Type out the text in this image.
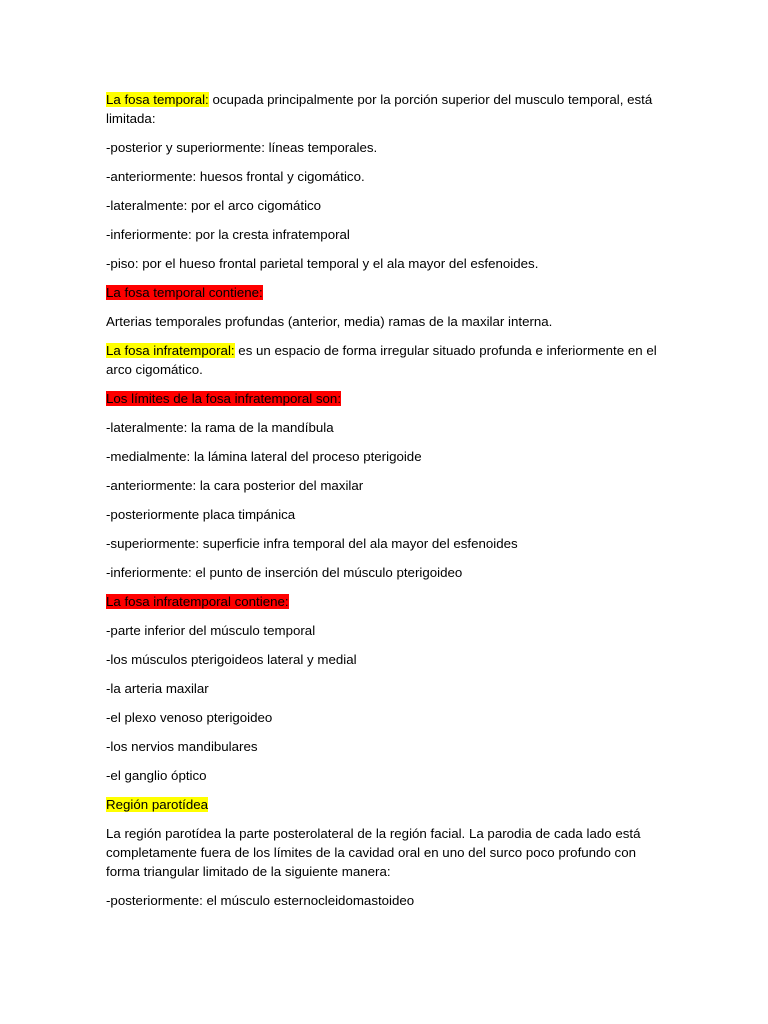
La fosa temporal: ocupada principalmente por la porción superior del musculo temporal, está limitada:

-posterior y superiormente: líneas temporales.

-anteriormente: huesos frontal y cigomático.

-lateralmente: por el arco cigomático

-inferiormente: por la cresta infratemporal

-piso: por el hueso frontal parietal temporal y el ala mayor del esfenoides.

La fosa temporal contiene:

Arterias temporales profundas (anterior, media) ramas de la maxilar interna.

La fosa infratemporal: es un espacio de forma irregular situado profunda e inferiormente en el arco cigomático.

Los límites de la fosa infratemporal son:

-lateralmente: la rama de la mandíbula

-medialmente: la lámina lateral del proceso pterigoide

-anteriormente: la cara posterior del maxilar

-posteriormente placa timpánica

-superiormente: superficie infra temporal del ala mayor del esfenoides

-inferiormente: el punto de inserción del músculo pterigoideo

La fosa infratemporal contiene:

-parte inferior del músculo temporal

-los músculos pterigoideos lateral y medial

-la arteria maxilar

-el plexo venoso pterigoideo

-los nervios mandibulares

-el ganglio óptico

Región parotídea

La región parotídea la parte posterolateral de la región facial. La parodia de cada lado está completamente fuera de los límites de la cavidad oral en uno del surco poco profundo con forma triangular limitado de la siguiente manera:

-posteriormente: el músculo esternocleidomastoideo
